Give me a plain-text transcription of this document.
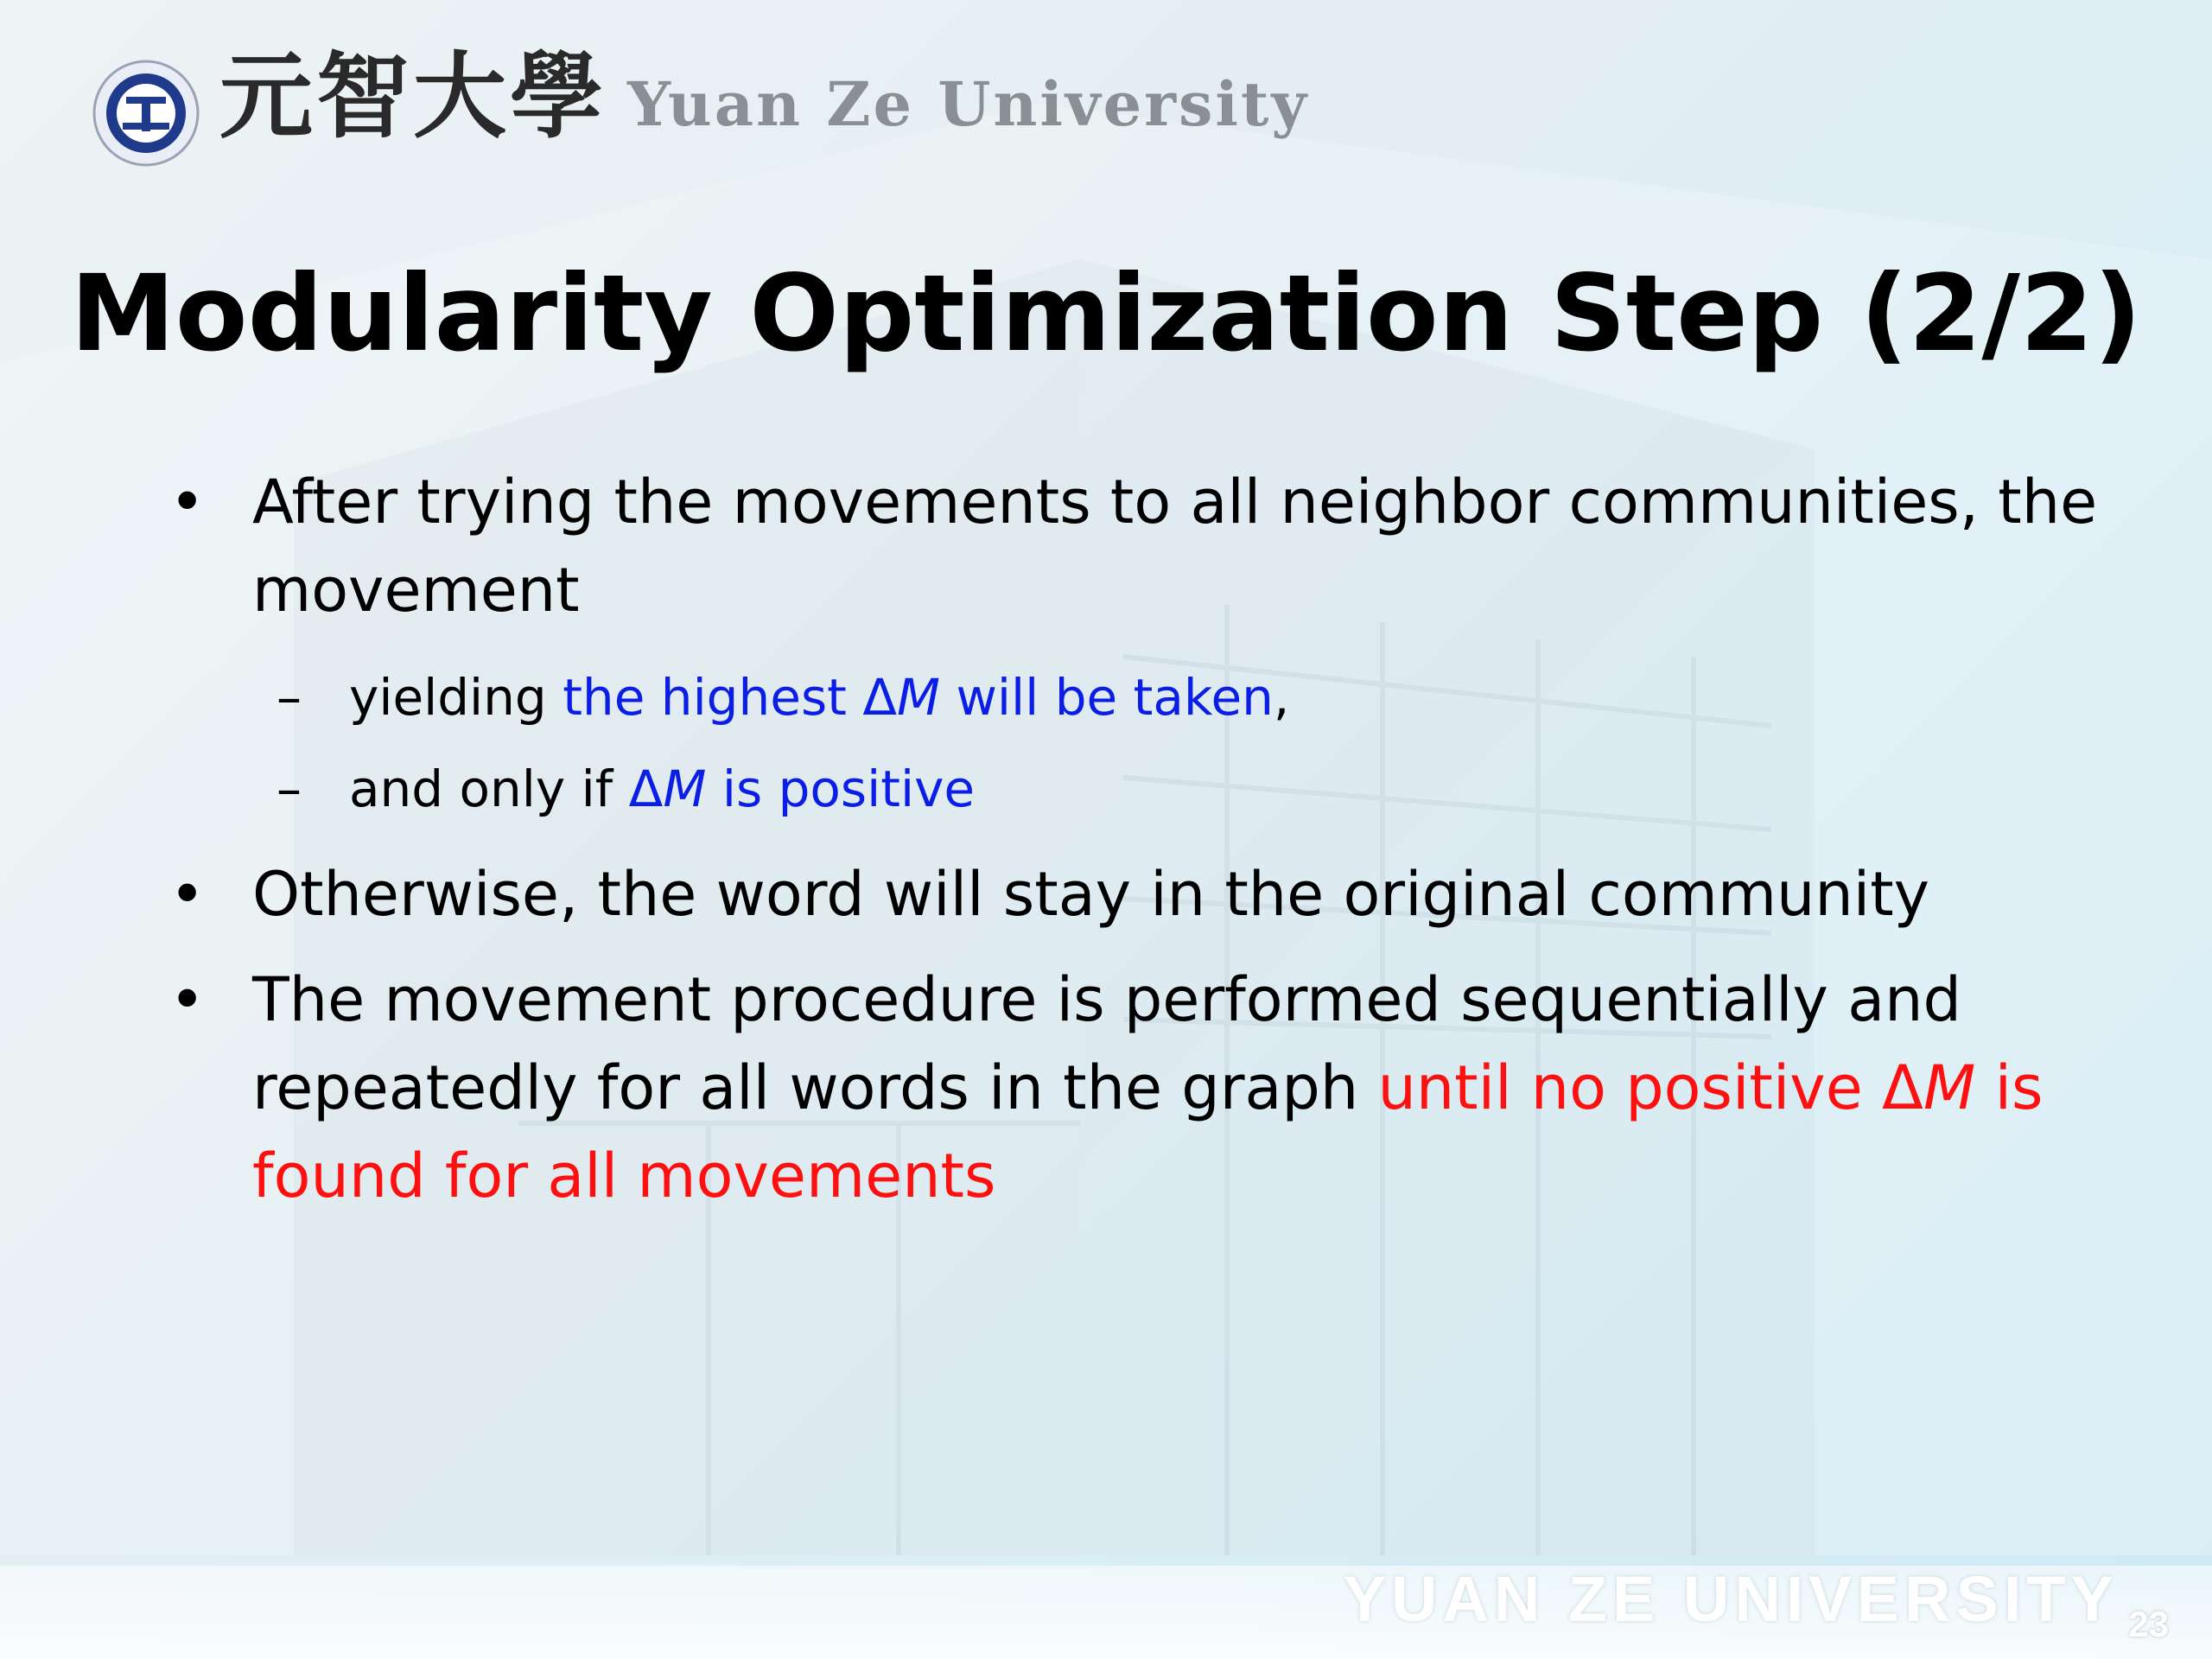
YUAN ZE UNIVERSITY 23
元智大學 Yuan Ze University
Modularity Optimization Step (2/2)
• After trying the movements to all neighbor communities, the
movement
– yielding the highest ΔM will be taken,
– and only if ΔM is positive
• Otherwise, the word will stay in the original community
• The movement procedure is performed sequentially and
repeatedly for all words in the graph until no positive ΔM is
found for all movements
